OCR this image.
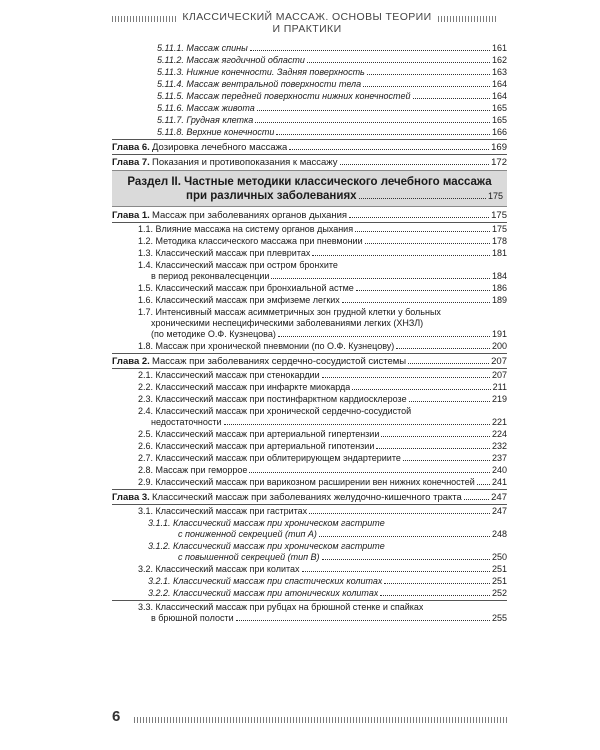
КЛАССИЧЕСКИЙ МАССАЖ. ОСНОВЫ ТЕОРИИ И ПРАКТИКИ
5.11.1. Массаж спины	161
5.11.2. Массаж ягодичной области	162
5.11.3. Нижние конечности. Задняя поверхность	163
5.11.4. Массаж вентральной поверхности тела	164
5.11.5. Массаж передней поверхности нижних конечностей	164
5.11.6. Массаж живота	165
5.11.7. Грудная клетка	165
5.11.8. Верхние конечности	166
Глава 6. Дозировка лечебного массажа	169
Глава 7. Показания и противопоказания к массажу	172
Раздел II. Частные методики классического лечебного массажа
при различных заболеваниях	175
Глава 1. Массаж при заболеваниях органов дыхания	175
1.1. Влияние массажа на систему органов дыхания	175
1.2. Методика классического массажа при пневмонии	178
1.3. Классический массаж при плевритах	181
1.4. Классический массаж при остром бронхите
в период реконвалесценции	184
1.5. Классический массаж при бронхиальной астме	186
1.6. Классический массаж при эмфиземе легких	189
1.7. Интенсивный массаж асимметричных зон грудной клетки у больных
хроническими неспецифическими заболеваниями легких (ХНЗЛ)
(по методике О.Ф. Кузнецова)	191
1.8. Массаж при хронической пневмонии (по О.Ф. Кузнецову)	200
Глава 2. Массаж при заболеваниях сердечно-сосудистой системы	207
2.1. Классический массаж при стенокардии	207
2.2. Классический массаж при инфаркте миокарда	211
2.3. Классический массаж при постинфарктном кардиосклерозе	219
2.4. Классический массаж при хронической сердечно-сосудистой
недостаточности	221
2.5. Классический массаж при артериальной гипертензии	224
2.6. Классический массаж при артериальной гипотензии	232
2.7. Классический массаж при облитерирующем эндартериите	237
2.8. Массаж при геморрое	240
2.9. Классический массаж при варикозном расширении вен нижних конечностей 241
Глава 3. Классический массаж при заболеваниях желудочно-кишечного тракта	247
3.1. Классический массаж при гастритах	247
3.1.1. Классический массаж при хроническом гастрите
с пониженной секрецией (тип А)	248
3.1.2. Классический массаж при хроническом гастрите
с повышенной секрецией (тип В)	250
3.2. Классический массаж при колитах	251
3.2.1. Классический массаж при спастических колитах	251
3.2.2. Классический массаж при атонических колитах	252
3.3. Классический массаж при рубцах на брюшной стенке и спайках
в брюшной полости	255
6
